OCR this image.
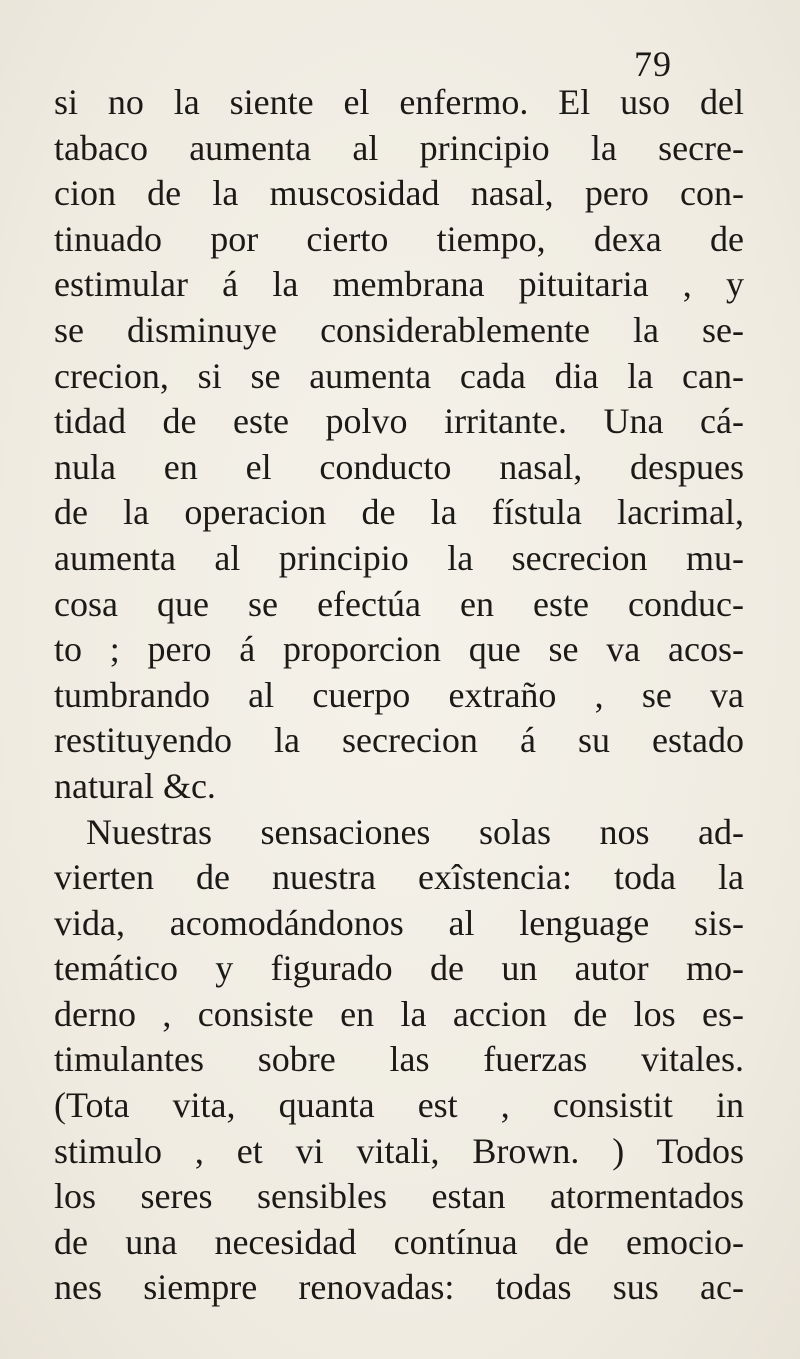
79
si no la siente el enfermo. El uso del
tabaco aumenta al principio la secre-
cion de la muscosidad nasal, pero con-
tinuado por cierto tiempo, dexa de
estimular á la membrana pituitaria , y
se disminuye considerablemente la se-
crecion, si se aumenta cada dia la can-
tidad de este polvo irritante. Una cá-
nula en el conducto nasal, despues
de la operacion de la fístula lacrimal,
aumenta al principio la secrecion mu-
cosa que se efectúa en este conduc-
to ; pero á proporcion que se va acos-
tumbrando al cuerpo extraño , se va
restituyendo la secrecion á su estado
natural &c.
Nuestras sensaciones solas nos ad-
vierten de nuestra exîstencia: toda la
vida, acomodándonos al lenguage sis-
temático y figurado de un autor mo-
derno , consiste en la accion de los es-
timulantes sobre las fuerzas vitales.
(Tota vita, quanta est , consistit in
stimulo , et vi vitali, Brown. ) Todos
los seres sensibles estan atormentados
de una necesidad contínua de emocio-
nes siempre renovadas: todas sus ac-
